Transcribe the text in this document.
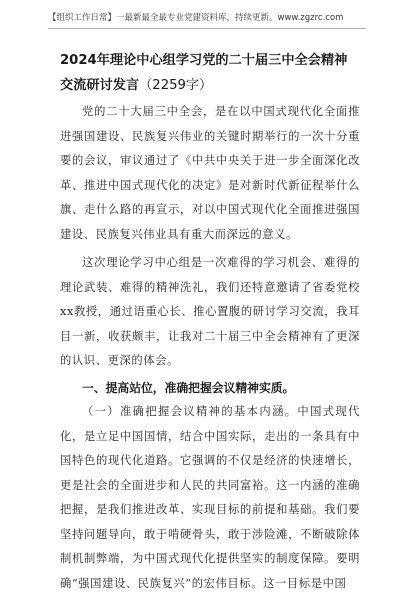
【组织工作日常】一最新最全最专业党建资料库，持续更新。www.zgzrc.com
2024年理论中心组学习党的二十届三中全会精神交流研讨发言（2259字）

党的二十大届三中全会，是在以中国式现代化全面推进强国建设、民族复兴伟业的关键时期举行的一次十分重要的会议，审议通过了《中共中央关于进一步全面深化改革、推进中国式现代化的决定》是对新时代新征程举什么旗、走什么路的再宣示，对以中国式现代化全面推进强国建设、民族复兴伟业具有重大而深远的意义。

这次理论学习中心组是一次难得的学习机会、难得的理论武装、难得的精神洗礼，我们还特意邀请了省委党校xx教授，通过语重心长、推心置腹的研讨学习交流，我耳目一新，收获颇丰，让我对二十届三中全会精神有了更深的认识、更深的体会。

一、提高站位，准确把握会议精神实质。

（一）准确把握会议精神的基本内涵。中国式现代化，是立足中国国情，结合中国实际，走出的一条具有中国特色的现代化道路。它强调的不仅是经济的快速增长，更是社会的全面进步和人民的共同富裕。这一内涵的准确把握，是我们推进改革、实现目标的前提和基础。我们要坚持问题导向，敢于啃硬骨头，敢于涉险滩，不断破除体制机制弊端，为中国式现代化提供坚实的制度保障。要明确“强国建设、民族复兴”的宏伟目标。这一目标是中国
